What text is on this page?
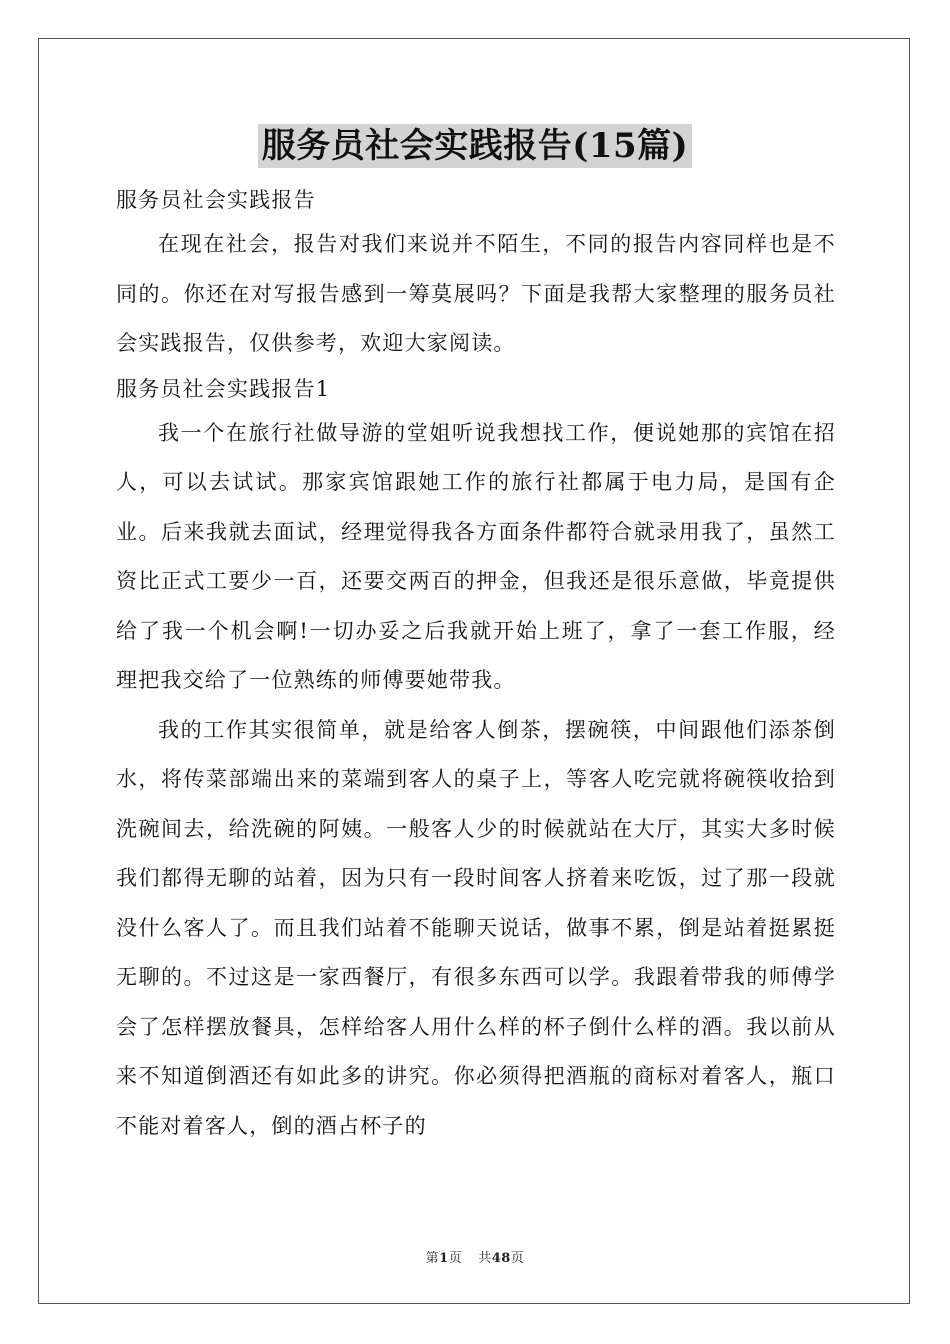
服务员社会实践报告(15篇)

服务员社会实践报告

在现在社会，报告对我们来说并不陌生，不同的报告内容同样也是不同的。你还在对写报告感到一筹莫展吗？下面是我帮大家整理的服务员社会实践报告，仅供参考，欢迎大家阅读。

服务员社会实践报告1

我一个在旅行社做导游的堂姐听说我想找工作，便说她那的宾馆在招人，可以去试试。那家宾馆跟她工作的旅行社都属于电力局，是国有企业。后来我就去面试，经理觉得我各方面条件都符合就录用我了，虽然工资比正式工要少一百，还要交两百的押金，但我还是很乐意做，毕竟提供给了我一个机会啊!一切办妥之后我就开始上班了，拿了一套工作服，经理把我交给了一位熟练的师傅要她带我。

我的工作其实很简单，就是给客人倒茶，摆碗筷，中间跟他们添茶倒水，将传菜部端出来的菜端到客人的桌子上，等客人吃完就将碗筷收拾到洗碗间去，给洗碗的阿姨。一般客人少的时候就站在大厅，其实大多时候我们都得无聊的站着，因为只有一段时间客人挤着来吃饭，过了那一段就没什么客人了。而且我们站着不能聊天说话，做事不累，倒是站着挺累挺无聊的。不过这是一家西餐厅，有很多东西可以学。我跟着带我的师傅学会了怎样摆放餐具，怎样给客人用什么样的杯子倒什么样的酒。我以前从来不知道倒酒还有如此多的讲究。你必须得把酒瓶的商标对着客人，瓶口不能对着客人，倒的酒占杯子的

第1页 共48页
